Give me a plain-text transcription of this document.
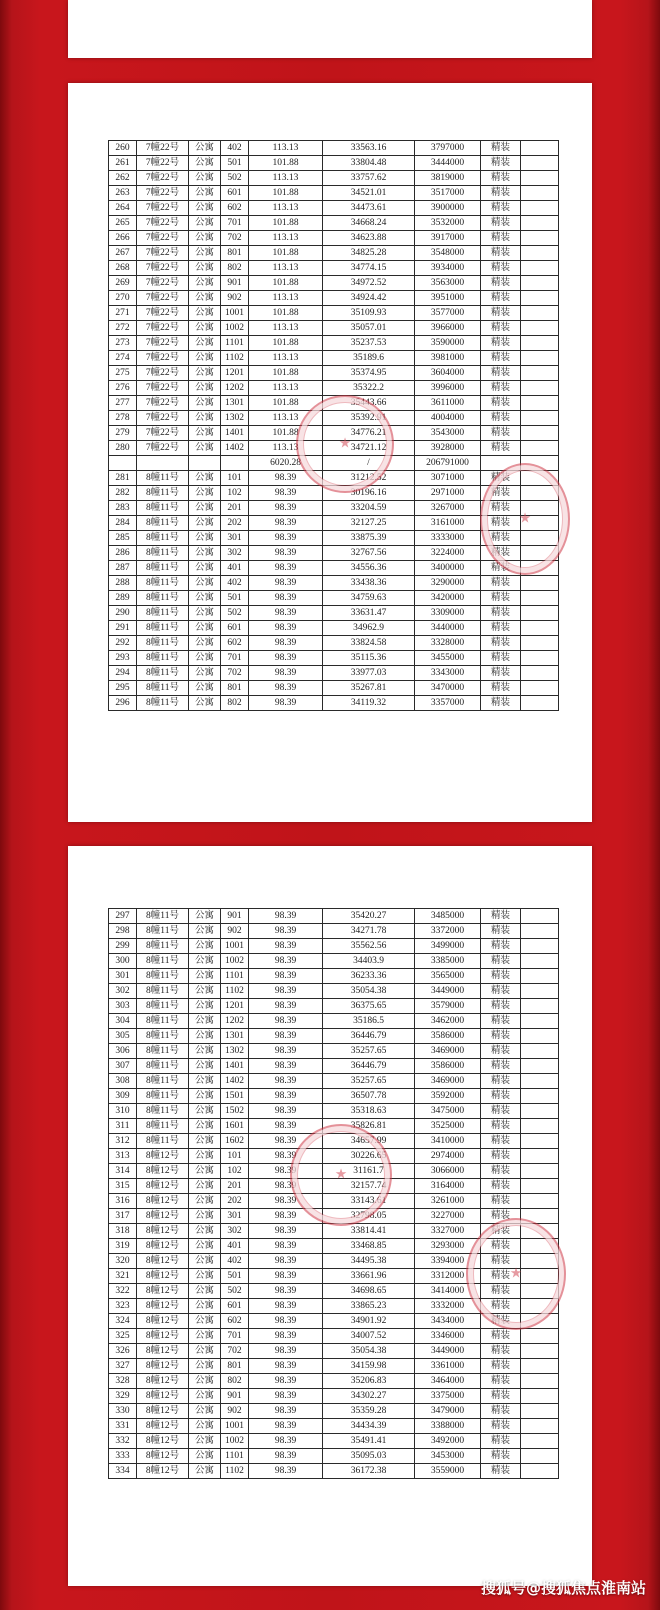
260	7幢22号	公寓	402	113.13	33563.16	3797000	精装	
261	7幢22号	公寓	501	101.88	33804.48	3444000	精装	
262	7幢22号	公寓	502	113.13	33757.62	3819000	精装	
263	7幢22号	公寓	601	101.88	34521.01	3517000	精装	
264	7幢22号	公寓	602	113.13	34473.61	3900000	精装	
265	7幢22号	公寓	701	101.88	34668.24	3532000	精装	
266	7幢22号	公寓	702	113.13	34623.88	3917000	精装	
267	7幢22号	公寓	801	101.88	34825.28	3548000	精装	
268	7幢22号	公寓	802	113.13	34774.15	3934000	精装	
269	7幢22号	公寓	901	101.88	34972.52	3563000	精装	
270	7幢22号	公寓	902	113.13	34924.42	3951000	精装	
271	7幢22号	公寓	1001	101.88	35109.93	3577000	精装	
272	7幢22号	公寓	1002	113.13	35057.01	3966000	精装	
273	7幢22号	公寓	1101	101.88	35237.53	3590000	精装	
274	7幢22号	公寓	1102	113.13	35189.6	3981000	精装	
275	7幢22号	公寓	1201	101.88	35374.95	3604000	精装	
276	7幢22号	公寓	1202	113.13	35322.2	3996000	精装	
277	7幢22号	公寓	1301	101.88	35443.66	3611000	精装	
278	7幢22号	公寓	1302	113.13	35392.91	4004000	精装	
279	7幢22号	公寓	1401	101.88	34776.21	3543000	精装	
280	7幢22号	公寓	1402	113.13	34721.12	3928000	精装	
				6020.28	/	206791000		
281	8幢11号	公寓	101	98.39	31212.52	3071000	精装	
282	8幢11号	公寓	102	98.39	30196.16	2971000	精装	
283	8幢11号	公寓	201	98.39	33204.59	3267000	精装	
284	8幢11号	公寓	202	98.39	32127.25	3161000	精装	
285	8幢11号	公寓	301	98.39	33875.39	3333000	精装	
286	8幢11号	公寓	302	98.39	32767.56	3224000	精装	
287	8幢11号	公寓	401	98.39	34556.36	3400000	精装	
288	8幢11号	公寓	402	98.39	33438.36	3290000	精装	
289	8幢11号	公寓	501	98.39	34759.63	3420000	精装	
290	8幢11号	公寓	502	98.39	33631.47	3309000	精装	
291	8幢11号	公寓	601	98.39	34962.9	3440000	精装	
292	8幢11号	公寓	602	98.39	33824.58	3328000	精装	
293	8幢11号	公寓	701	98.39	35115.36	3455000	精装	
294	8幢11号	公寓	702	98.39	33977.03	3343000	精装	
295	8幢11号	公寓	801	98.39	35267.81	3470000	精装	
296	8幢11号	公寓	802	98.39	34119.32	3357000	精装	
★
★
297	8幢11号	公寓	901	98.39	35420.27	3485000	精装	
298	8幢11号	公寓	902	98.39	34271.78	3372000	精装	
299	8幢11号	公寓	1001	98.39	35562.56	3499000	精装	
300	8幢11号	公寓	1002	98.39	34403.9	3385000	精装	
301	8幢11号	公寓	1101	98.39	36233.36	3565000	精装	
302	8幢11号	公寓	1102	98.39	35054.38	3449000	精装	
303	8幢11号	公寓	1201	98.39	36375.65	3579000	精装	
304	8幢11号	公寓	1202	98.39	35186.5	3462000	精装	
305	8幢11号	公寓	1301	98.39	36446.79	3586000	精装	
306	8幢11号	公寓	1302	98.39	35257.65	3469000	精装	
307	8幢11号	公寓	1401	98.39	36446.79	3586000	精装	
308	8幢11号	公寓	1402	98.39	35257.65	3469000	精装	
309	8幢11号	公寓	1501	98.39	36507.78	3592000	精装	
310	8幢11号	公寓	1502	98.39	35318.63	3475000	精装	
311	8幢11号	公寓	1601	98.39	35826.81	3525000	精装	
312	8幢11号	公寓	1602	98.39	34657.99	3410000	精装	
313	8幢12号	公寓	101	98.39	30226.65	2974000	精装	
314	8幢12号	公寓	102	98.39	31161.7	3066000	精装	
315	8幢12号	公寓	201	98.39	32157.74	3164000	精装	
316	8幢12号	公寓	202	98.39	33143.61	3261000	精装	
317	8幢12号	公寓	301	98.39	32798.05	3227000	精装	
318	8幢12号	公寓	302	98.39	33814.41	3327000	精装	
319	8幢12号	公寓	401	98.39	33468.85	3293000	精装	
320	8幢12号	公寓	402	98.39	34495.38	3394000	精装	
321	8幢12号	公寓	501	98.39	33661.96	3312000	精装	
322	8幢12号	公寓	502	98.39	34698.65	3414000	精装	
323	8幢12号	公寓	601	98.39	33865.23	3332000	精装	
324	8幢12号	公寓	602	98.39	34901.92	3434000	精装	
325	8幢12号	公寓	701	98.39	34007.52	3346000	精装	
326	8幢12号	公寓	702	98.39	35054.38	3449000	精装	
327	8幢12号	公寓	801	98.39	34159.98	3361000	精装	
328	8幢12号	公寓	802	98.39	35206.83	3464000	精装	
329	8幢12号	公寓	901	98.39	34302.27	3375000	精装	
330	8幢12号	公寓	902	98.39	35359.28	3479000	精装	
331	8幢12号	公寓	1001	98.39	34434.39	3388000	精装	
332	8幢12号	公寓	1002	98.39	35491.41	3492000	精装	
333	8幢12号	公寓	1101	98.39	35095.03	3453000	精装	
334	8幢12号	公寓	1102	98.39	36172.38	3559000	精装	
★
★
搜狐号@搜狐焦点淮南站
